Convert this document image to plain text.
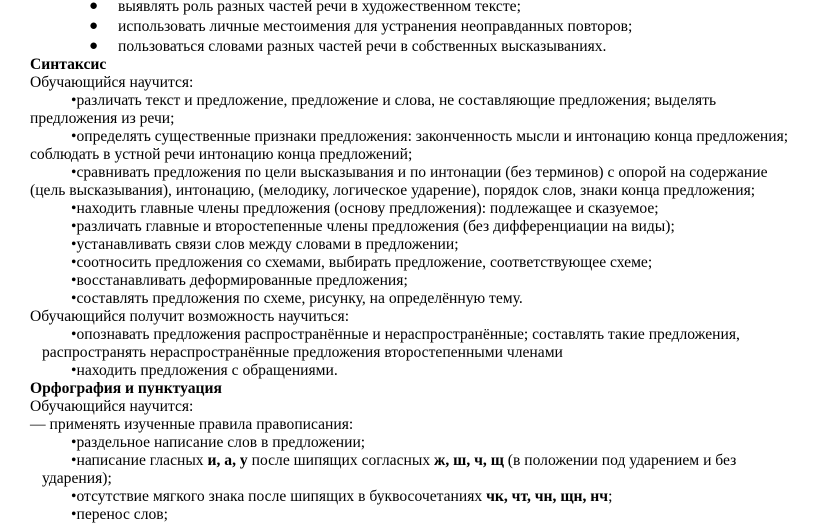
● выявлять роль разных частей речи в художественном тексте;
● использовать личные местоимения для устранения неоправданных повторов;
● пользоваться словами разных частей речи в собственных высказываниях.
Синтаксис
Обучающийся научится:
•различать текст и предложение, предложение и слова, не составляющие предложения; выделять
предложения из речи;
•определять существенные признаки предложения: законченность мысли и интонацию конца предложения;
соблюдать в устной речи интонацию конца предложений;
•сравнивать предложения по цели высказывания и по интонации (без терминов) с опорой на содержание
(цель высказывания), интонацию, (мелодику, логическое ударение), порядок слов, знаки конца предложения;
•находить главные члены предложения (основу предложения): подлежащее и сказуемое;
•различать главные и второстепенные члены предложения (без дифференциации на виды);
•устанавливать связи слов между словами в предложении;
•соотносить предложения со схемами, выбирать предложение, соответствующее схеме;
•восстанавливать деформированные предложения;
•составлять предложения по схеме, рисунку, на определённую тему.
Обучающийся получит возможность научиться:
•опознавать предложения распространённые и нераспространённые; составлять такие предложения,
распространять нераспространённые предложения второстепенными членами
•находить предложения с обращениями.
Орфография и пунктуация
Обучающийся научится:
— применять изученные правила правописания:
•раздельное написание слов в предложении;
•написание гласных и, а, у после шипящих согласных ж, ш, ч, щ (в положении под ударением и без
ударения);
•отсутствие мягкого знака после шипящих в буквосочетаниях чк, чт, чн, щн, нч;
•перенос слов;
